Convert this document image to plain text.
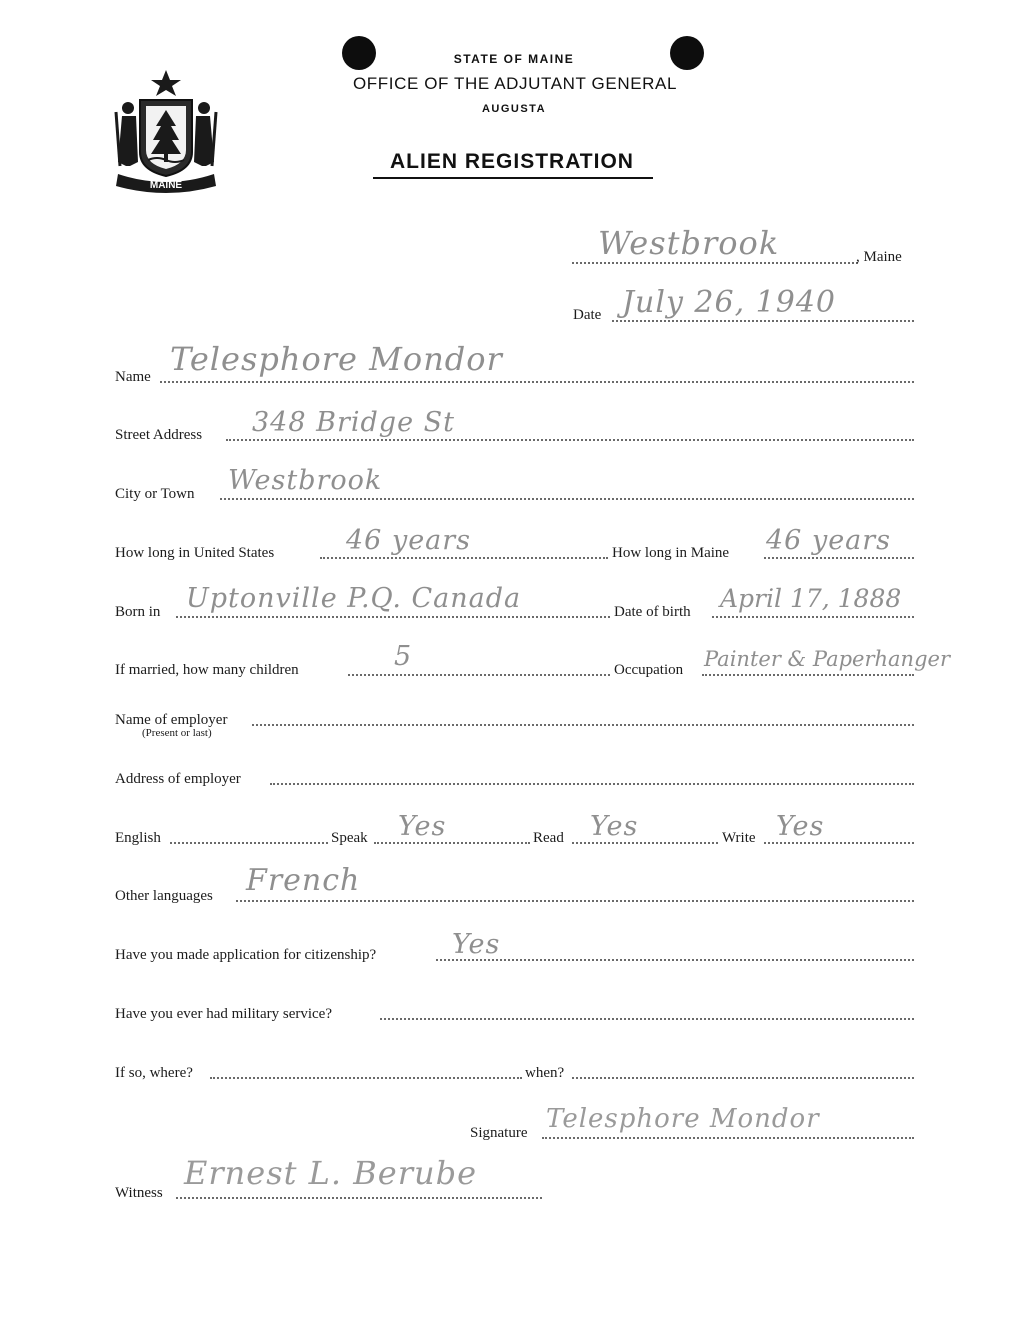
MAINE
STATE OF MAINE
OFFICE OF THE ADJUTANT GENERAL
AUGUSTA
ALIEN REGISTRATION
Westbrook	, Maine
Date July 26, 1940
Name Telesphore Mondor
Street Address 348 Bridge St
City or Town Westbrook
How long in United States	46 years	How long in Maine 46 years
Born in Uptonville P.Q. Canada	Date of birth April 17, 1888
If married, how many children	5	Occupation Painter & Paperhanger
Name of employer
(Present or last)
Address of employer
English	Speak Yes	Read Yes	Write Yes
Other languages French
Have you made application for citizenship?	Yes
Have you ever had military service?
If so, where?	when?
Signature Telesphore Mondor
Witness
Ernest L. Berube
